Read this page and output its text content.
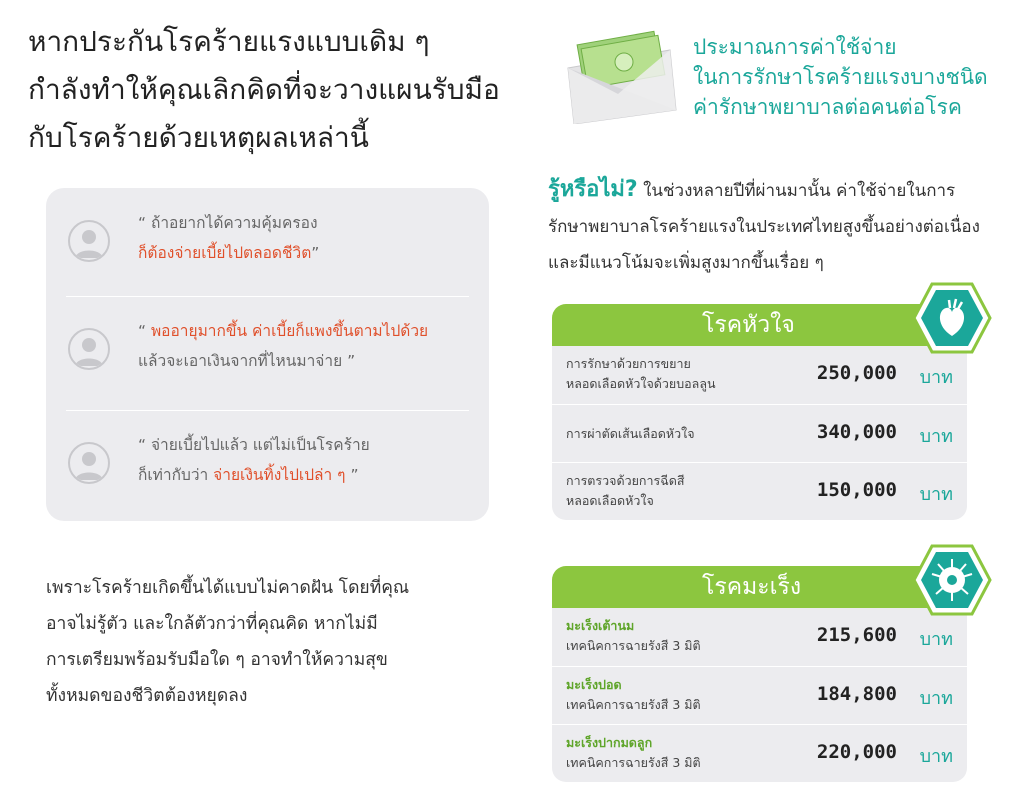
หากประกันโรคร้ายแรงแบบเดิม ๆ
กำลังทำให้คุณเลิกคิดที่จะวางแผนรับมือ
กับโรคร้ายด้วยเหตุผลเหล่านี้
“ ถ้าอยากได้ความคุ้มครอง
ก็ต้องจ่ายเบี้ยไปตลอดชีวิต”
“ พออายุมากขึ้น ค่าเบี้ยก็แพงขึ้นตามไปด้วย
แล้วจะเอาเงินจากที่ไหนมาจ่าย ”
“ จ่ายเบี้ยไปแล้ว แต่ไม่เป็นโรคร้าย
ก็เท่ากับว่า จ่ายเงินทิ้งไปเปล่า ๆ ”
เพราะโรคร้ายเกิดขึ้นได้แบบไม่คาดฝัน โดยที่คุณ
อาจไม่รู้ตัว และใกล้ตัวกว่าที่คุณคิด หากไม่มี
การเตรียมพร้อมรับมือใด ๆ อาจทำให้ความสุข
ทั้งหมดของชีวิตต้องหยุดลง
ประมาณการค่าใช้จ่าย
ในการรักษาโรคร้ายแรงบางชนิด
ค่ารักษาพยาบาลต่อคนต่อโรค
รู้หรือไม่? ในช่วงหลายปีที่ผ่านมานั้น ค่าใช้จ่ายในการ
รักษาพยาบาลโรคร้ายแรงในประเทศไทยสูงขึ้นอย่างต่อเนื่อง
และมีแนวโน้มจะเพิ่มสูงมากขึ้นเรื่อย ๆ
โรคหัวใจ
การรักษาด้วยการขยาย
หลอดเลือดหัวใจด้วยบอลลูน	250,000 บาท
การผ่าตัดเส้นเลือดหัวใจ	340,000 บาท
การตรวจด้วยการฉีดสี
หลอดเลือดหัวใจ	150,000 บาท
โรคมะเร็ง
มะเร็งเต้านม
เทคนิคการฉายรังสี 3 มิติ	215,600 บาท
มะเร็งปอด
เทคนิคการฉายรังสี 3 มิติ	184,800 บาท
มะเร็งปากมดลูก
เทคนิคการฉายรังสี 3 มิติ	220,000 บาท
